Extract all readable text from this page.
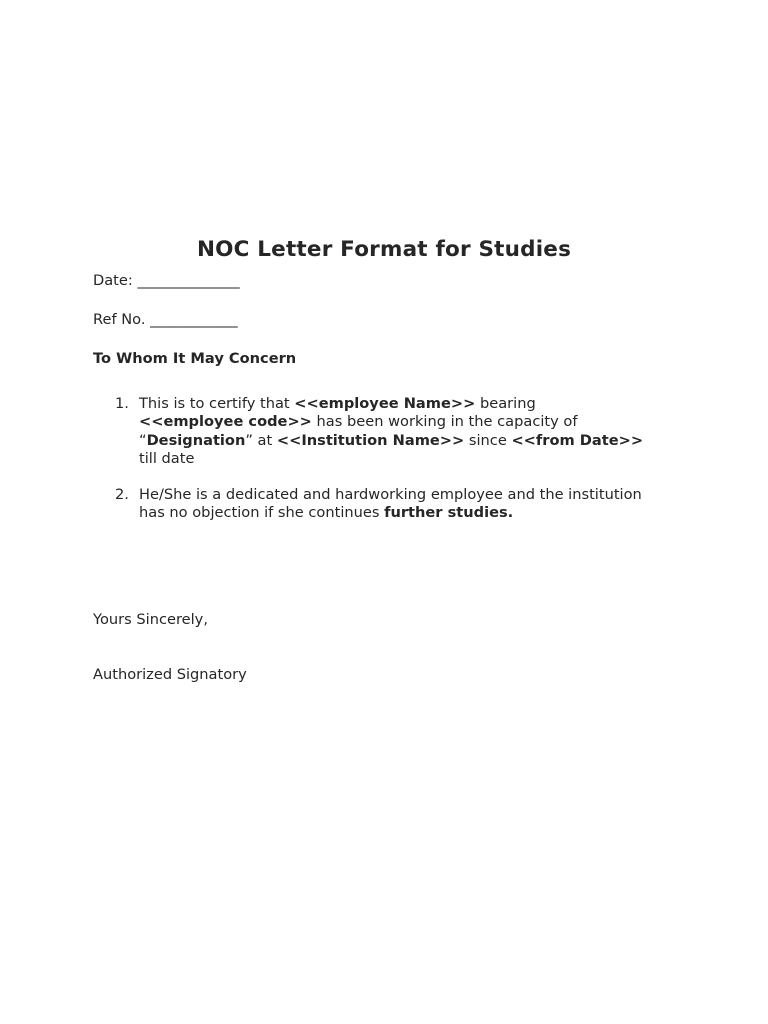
NOC Letter Format for Studies
Date: ______________
Ref No. ____________
To Whom It May Concern
1. This is to certify that <<employee Name>> bearing
<<employee code>> has been working in the capacity of
“Designation” at <<Institution Name>> since <<from Date>>
till date
2. He/She is a dedicated and hardworking employee and the institution
has no objection if she continues further studies.
Yours Sincerely,
Authorized Signatory
